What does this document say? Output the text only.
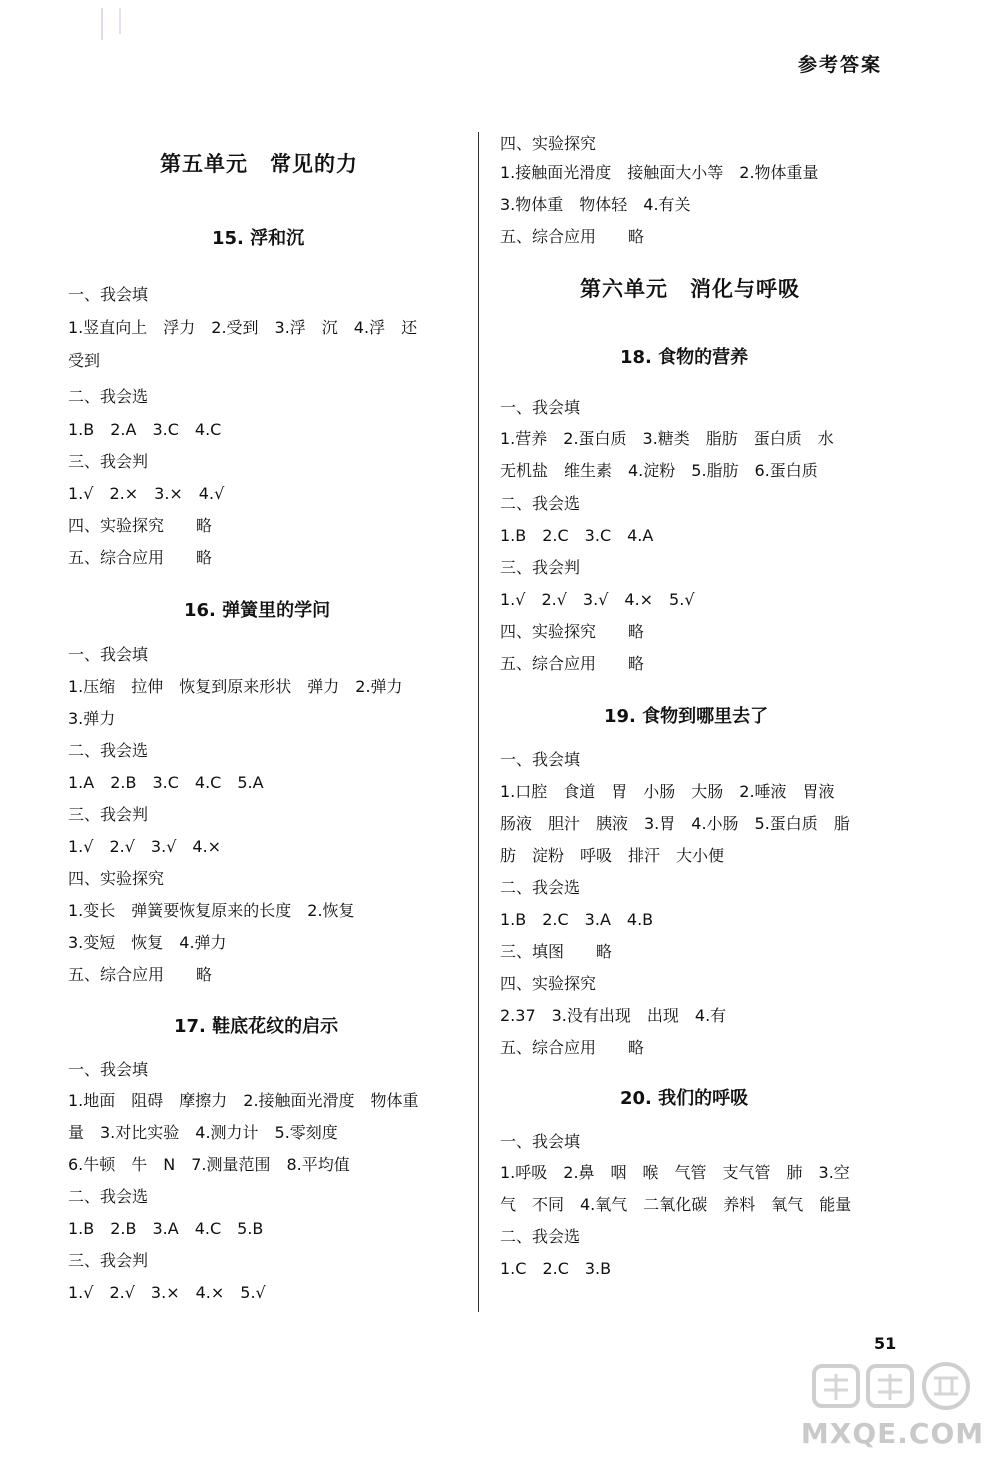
参考答案
第五单元　常见的力
15. 浮和沉
一、我会填
1.竖直向上　浮力　2.受到　3.浮　沉　4.浮　还
受到
二、我会选
1.B　2.A　3.C　4.C
三、我会判
1.√　2.×　3.×　4.√
四、实验探究　　略
五、综合应用　　略
16. 弹簧里的学问
一、我会填
1.压缩　拉伸　恢复到原来形状　弹力　2.弹力
3.弹力
二、我会选
1.A　2.B　3.C　4.C　5.A
三、我会判
1.√　2.√　3.√　4.×
四、实验探究
1.变长　弹簧要恢复原来的长度　2.恢复
3.变短　恢复　4.弹力
五、综合应用　　略
17. 鞋底花纹的启示
一、我会填
1.地面　阻碍　摩擦力　2.接触面光滑度　物体重
量　3.对比实验　4.测力计　5.零刻度
6.牛顿　牛　N　7.测量范围　8.平均值
二、我会选
1.B　2.B　3.A　4.C　5.B
三、我会判
1.√　2.√　3.×　4.×　5.√
四、实验探究
1.接触面光滑度　接触面大小等　2.物体重量
3.物体重　物体轻　4.有关
五、综合应用　　略
第六单元　消化与呼吸
18. 食物的营养
一、我会填
1.营养　2.蛋白质　3.糖类　脂肪　蛋白质　水
无机盐　维生素　4.淀粉　5.脂肪　6.蛋白质
二、我会选
1.B　2.C　3.C　4.A
三、我会判
1.√　2.√　3.√　4.×　5.√
四、实验探究　　略
五、综合应用　　略
19. 食物到哪里去了
一、我会填
1.口腔　食道　胃　小肠　大肠　2.唾液　胃液
肠液　胆汁　胰液　3.胃　4.小肠　5.蛋白质　脂
肪　淀粉　呼吸　排汗　大小便
二、我会选
1.B　2.C　3.A　4.B
三、填图　　略
四、实验探究
2.37　3.没有出现　出现　4.有
五、综合应用　　略
20. 我们的呼吸
一、我会填
1.呼吸　2.鼻　咽　喉　气管　支气管　肺　3.空
气　不同　4.氧气　二氧化碳　养料　氧气　能量
二、我会选
1.C　2.C　3.B
51
MXQE.COM
